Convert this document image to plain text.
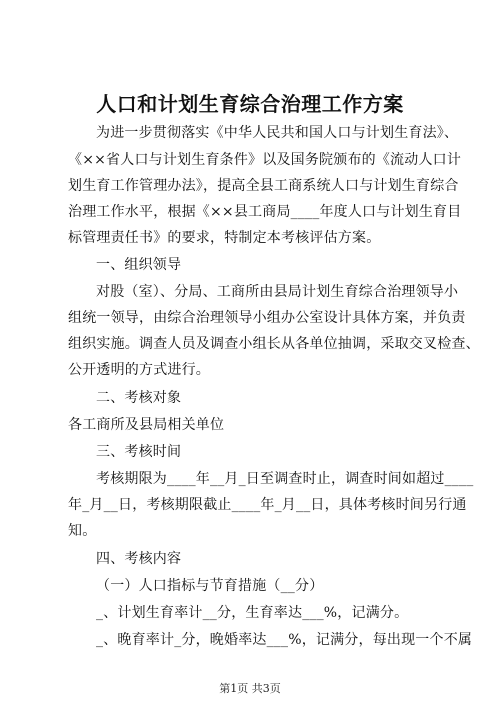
人口和计划生育综合治理工作方案
为进一步贯彻落实《中华人民共和国人口与计划生育法》、
《××省人口与计划生育条件》以及国务院颁布的《流动人口计
划生育工作管理办法》，提高全县工商系统人口与计划生育综合
治理工作水平，根据《××县工商局____年度人口与计划生育目
标管理责任书》的要求，特制定本考核评估方案。
一、组织领导
对股（室）、分局、工商所由县局计划生育综合治理领导小
组统一领导，由综合治理领导小组办公室设计具体方案，并负责
组织实施。调查人员及调查小组长从各单位抽调，采取交叉检查、
公开透明的方式进行。
二、考核对象
各工商所及县局相关单位
三、考核时间
考核期限为____年__月_日至调查时止，调查时间如超过____
年_月__日，考核期限截止____年_月__日，具体考核时间另行通
知。
四、考核内容
（一）人口指标与节育措施（__分）
_、计划生育率计__分，生育率达___%，记满分。
_、晚育率计_分，晚婚率达___%，记满分，每出现一个不属
第1页 共3页
